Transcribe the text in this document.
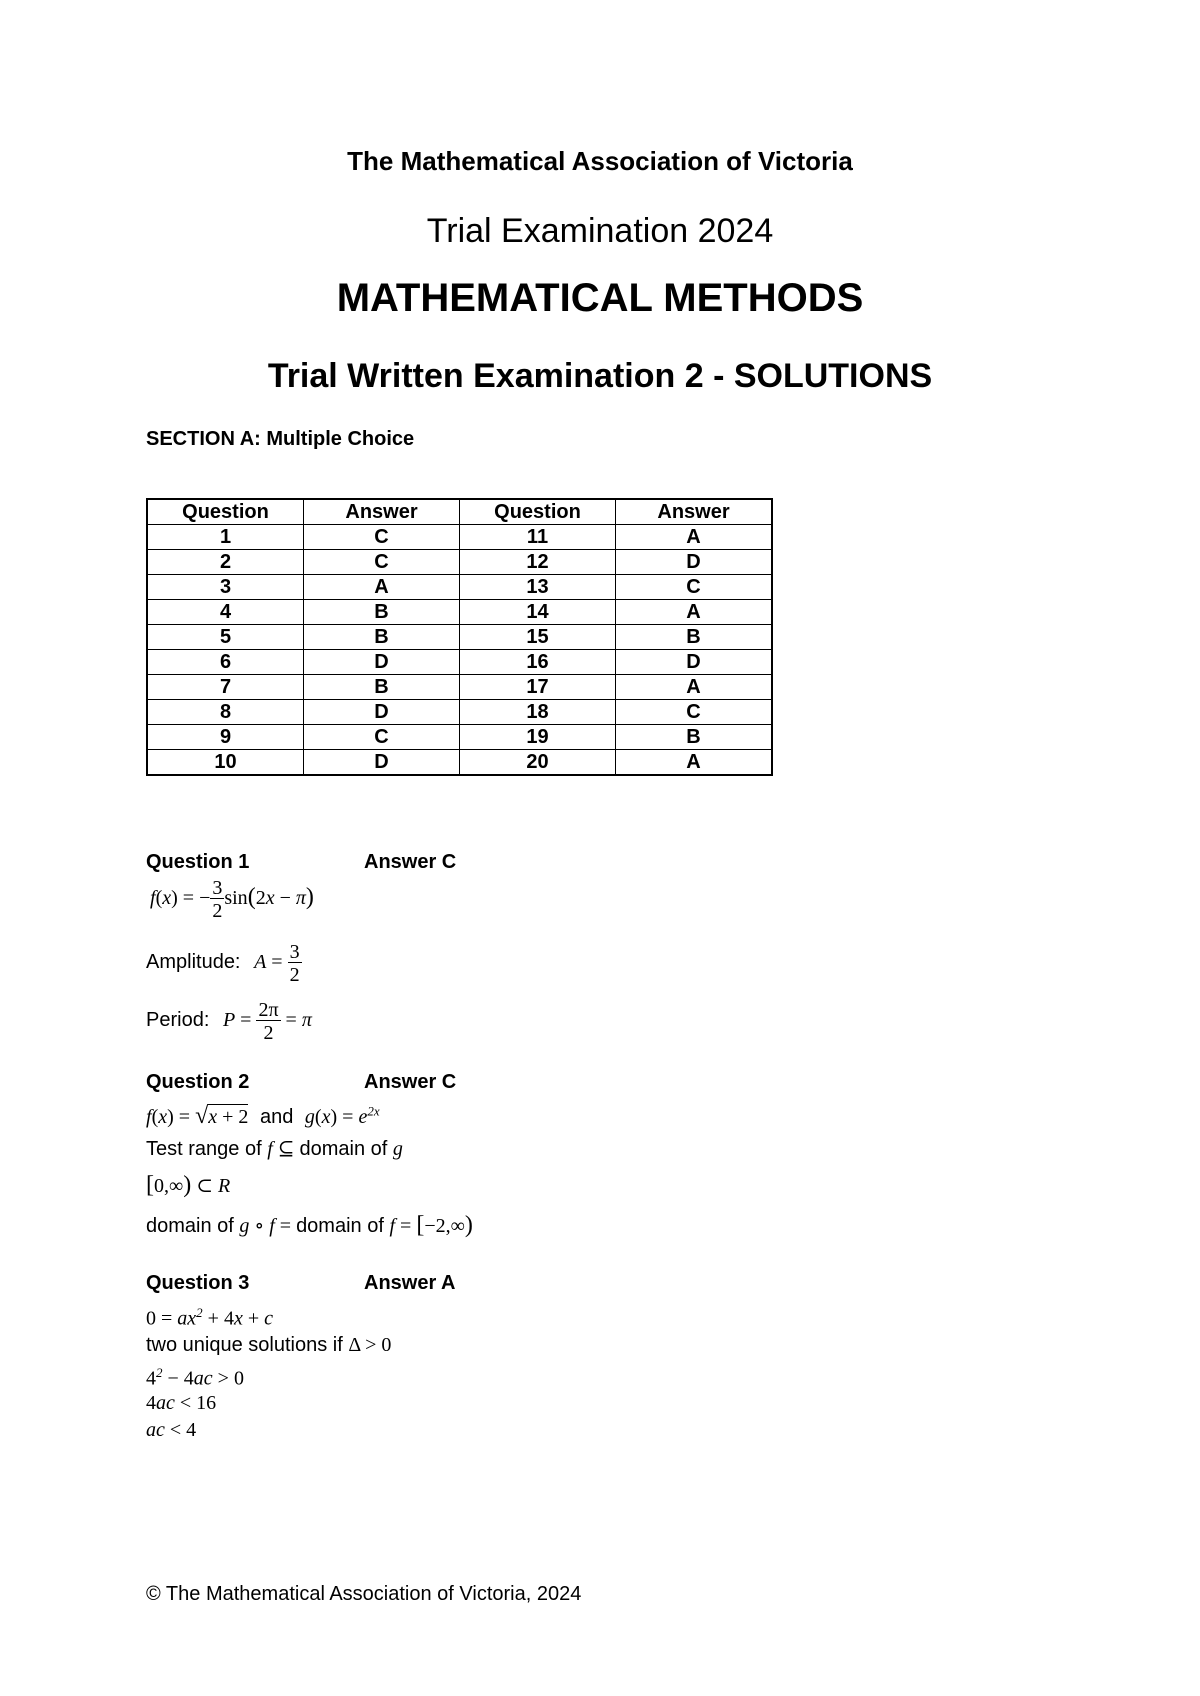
The Mathematical Association of Victoria
Trial Examination 2024
MATHEMATICAL METHODS
Trial Written Examination 2 - SOLUTIONS
SECTION A: Multiple Choice
Question	Answer	Question	Answer
1	C	11	A
2	C	12	D
3	A	13	C
4	B	14	A
5	B	15	B
6	D	16	D
7	B	17	A
8	D	18	C
9	C	19	B
10	D	20	A
Question 1	Answer C
f(x) = − $\frac{3}{2} \sin(2x - \pi)$
Amplitude: $A = \frac{3}{2}$
Period: $P = \frac{2\pi}{2} = \pi$
Question 2	Answer C
f(x) = √x + 2 and $g(x) = e^{2x}$
Test range of f ⊆ domain of g
[0,∞) ⊂ R
domain of g ∘ f = domain of f = [−2,∞)
Question 3	Answer A
$0 = ax^2 + 4x + c$
two unique solutions if Δ > 0
$4^2 - 4ac > 0$
4ac < 16
ac < 4
© The Mathematical Association of Victoria, 2024
